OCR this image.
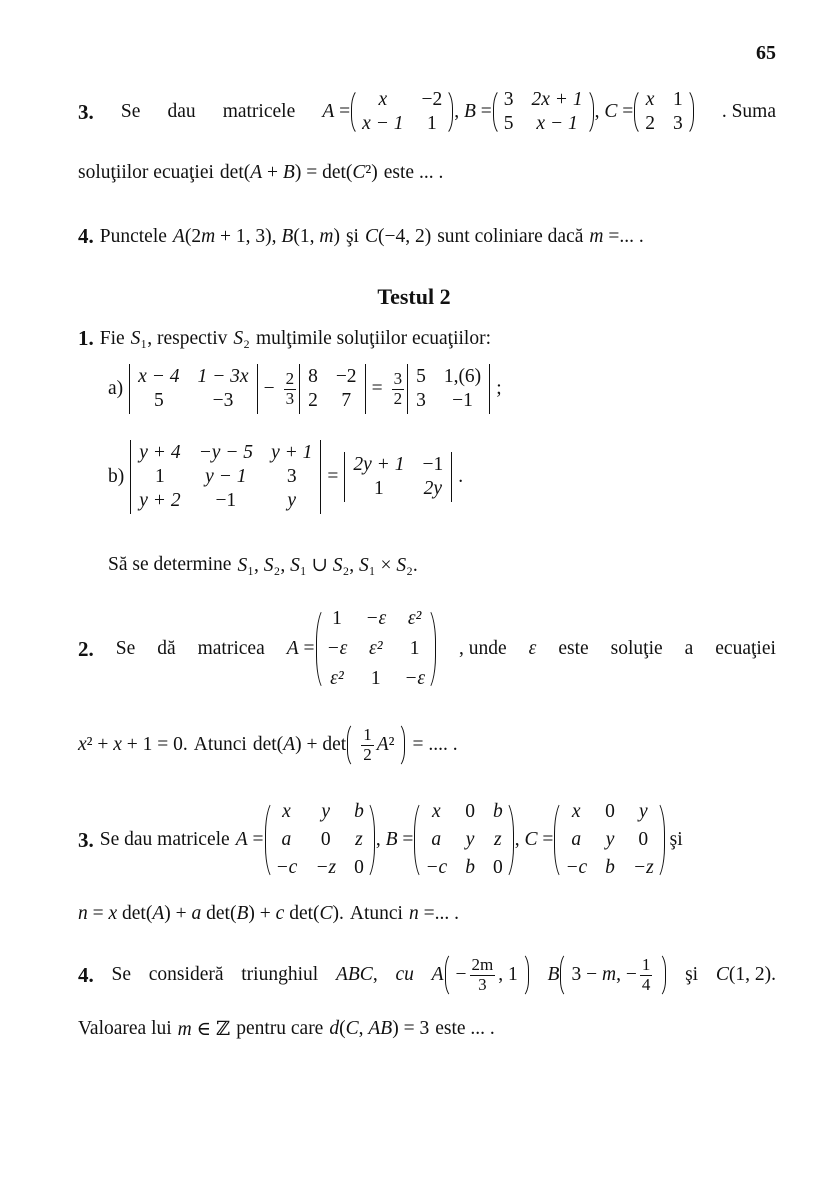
65
3. Se dau matricele A =
x −2
x − 1 1
, B =
3 2x + 1
5 x − 1
, C =
x 1
2 3
. Suma
soluţiilor ecuaţiei det(A + B) = det(C²) este ... .
4. Punctele A(2m + 1, 3), B(1, m) şi C(−4, 2) sunt coliniare dacă m =... .
Testul 2
1. Fie S₁ , respectiv S₂ mulţimile soluţiilor ecuaţiilor:
a)
x − 4 1 − 3x
5	−3
− $\frac{2}{3} 8 -2$
2 7
= $\frac{3}{2} 5$ 1,(6)
3 −1
;
b)
y + 4 −y − 5 y + 1
1 y − 1 3
y + 2 −1	y
=
2y + 1 −1
1 2y
.
Să se determine S₁, S₂, S₁ ∪ S₂, S₁ × S₂.
2. Se dă matricea A =
1 −ε ε²
−ε ε² 1
ε² 1 −ε
, unde ε este soluţie a ecuaţiei
x² + x + 1 = 0. Atunci $\det(A) + \det \frac{1}{2} A^2$ = .... .
3. Se dau matricele A =
x y b
a 0 z
−c −z 0
, B =
x 0 b
a y z
−c b 0
, C =
x 0 y
a y 0
−c b −z
şi
n = x det(A) + a det(B) + c det(C). Atunci n =... .
4. Se consideră triunghiul ABC, cu $A - \frac{2m}{3}$ , 1 B 3 − m, − $\frac{1}{4}$ şi C(1, 2).
Valoarea lui m ∈ ℤ pentru care d(C, AB) = 3 este ... .
